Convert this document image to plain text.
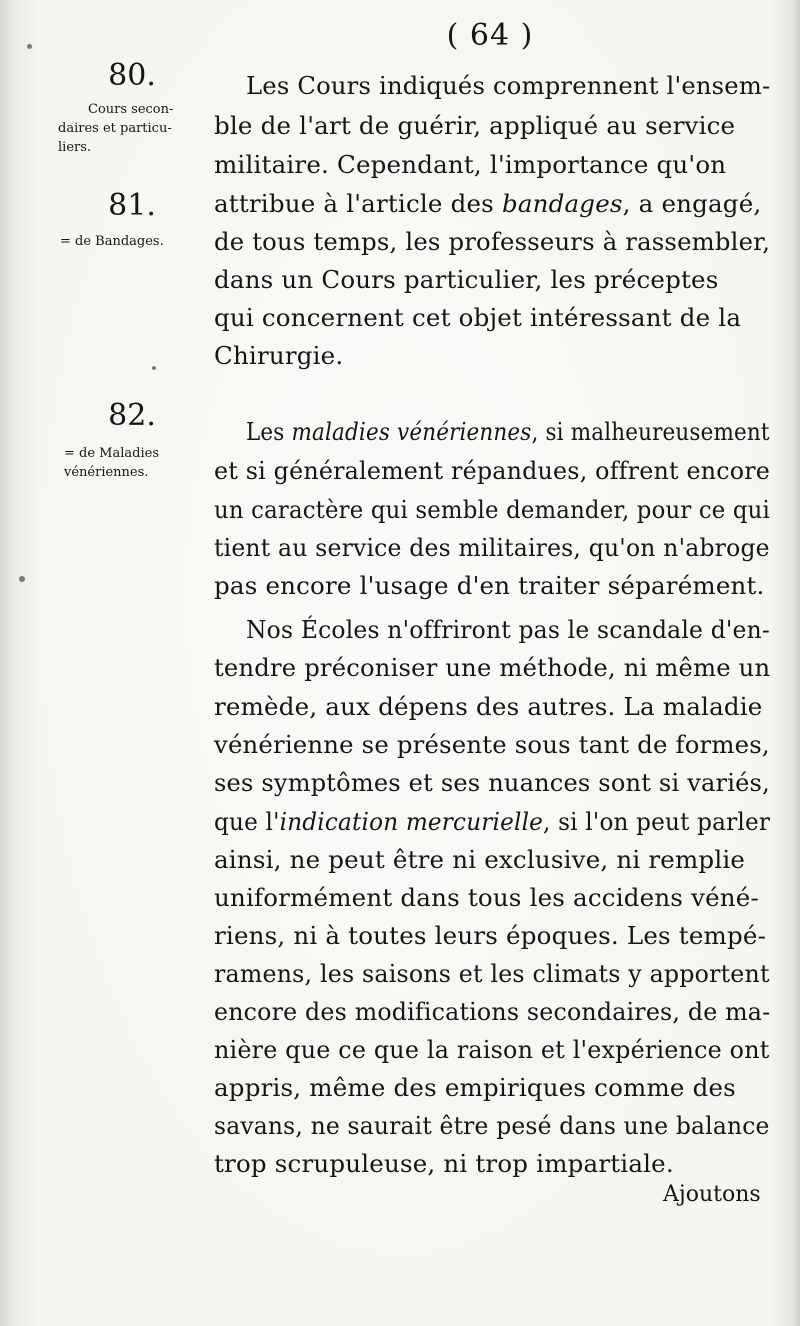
( 64 )
80.
Cours secon-
daires et particu-
liers.
81.
= de Bandages.
82.
= de Maladies
vénériennes.
Les Cours indiqués comprennent l'ensem-
ble de l'art de guérir, appliqué au service
militaire. Cependant, l'importance qu'on
attribue à l'article des bandages, a engagé,
de tous temps, les professeurs à rassembler,
dans un Cours particulier, les préceptes
qui concernent cet objet intéressant de la
Chirurgie.
Les maladies vénériennes, si malheureusement
et si généralement répandues, offrent encore
un caractère qui semble demander, pour ce qui
tient au service des militaires, qu'on n'abroge
pas encore l'usage d'en traiter séparément.
Nos Écoles n'offriront pas le scandale d'en-
tendre préconiser une méthode, ni même un
remède, aux dépens des autres. La maladie
vénérienne se présente sous tant de formes,
ses symptômes et ses nuances sont si variés,
que l'indication mercurielle, si l'on peut parler
ainsi, ne peut être ni exclusive, ni remplie
uniformément dans tous les accidens véné-
riens, ni à toutes leurs époques. Les tempé-
ramens, les saisons et les climats y apportent
encore des modifications secondaires, de ma-
nière que ce que la raison et l'expérience ont
appris, même des empiriques comme des
savans, ne saurait être pesé dans une balance
trop scrupuleuse, ni trop impartiale.
Ajoutons
